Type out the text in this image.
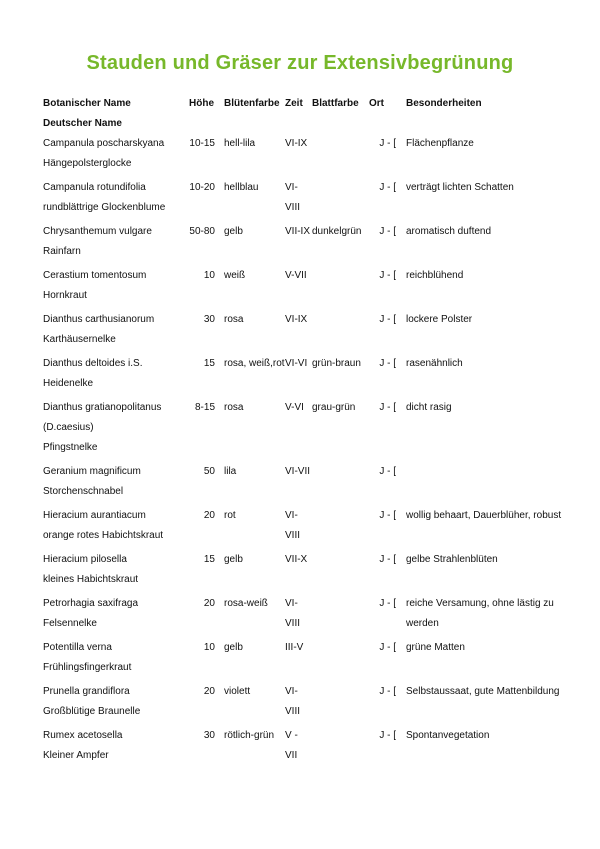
Stauden und Gräser zur Extensivbegrünung
Botanischer Name
Deutscher Name	Höhe	Blütenfarbe	Zeit	Blattfarbe	Ort	Besonderheiten

Campanula poscharskyana
Hängepolsterglocke	10-15	hell-lila	VI-IX		J - [	Flächenpflanze

Campanula rotundifolia
rundblättrige Glockenblume	10-20	hellblau	VI-VIII		J - [	verträgt lichten Schatten

Chrysanthemum vulgare
Rainfarn	50-80	gelb	VII-IX	dunkelgrün	J - [	aromatisch duftend

Cerastium tomentosum
Hornkraut	10	weiß	V-VII		J - [	reichblühend

Dianthus carthusianorum
Karthäusernelke	30	rosa	VI-IX		J - [	lockere Polster

Dianthus deltoides i.S.
Heidenelke	15	rosa, weiß,rot	VI-VI	grün-braun	J - [	rasenähnlich

Dianthus gratianopolitanus (D.caesius)
Pfingstnelke	8-15	rosa	V-VI	grau-grün	J - [	dicht rasig

Geranium magnificum
Storchenschnabel	50	lila	VI-VII		J - [	

Hieracium aurantiacum
orange rotes Habichtskraut	20	rot	VI-VIII		J - [	wollig behaart, Dauerblüher, robust

Hieracium pilosella
kleines Habichtskraut	15	gelb	VII-X		J - [	gelbe Strahlenblüten

Petrorhagia saxifraga
Felsennelke	20	rosa-weiß	VI-VIII		J - [	reiche Versamung, ohne lästig zu werden

Potentilla verna
Frühlingsfingerkraut	10	gelb	III-V		J - [	grüne Matten

Prunella grandiflora
Großblütige Braunelle	20	violett	VI-VIII		J - [	Selbstaussaat, gute Mattenbildung

Rumex acetosella
Kleiner Ampfer	30	rötlich-grün	V - VII		J - [	Spontanvegetation
